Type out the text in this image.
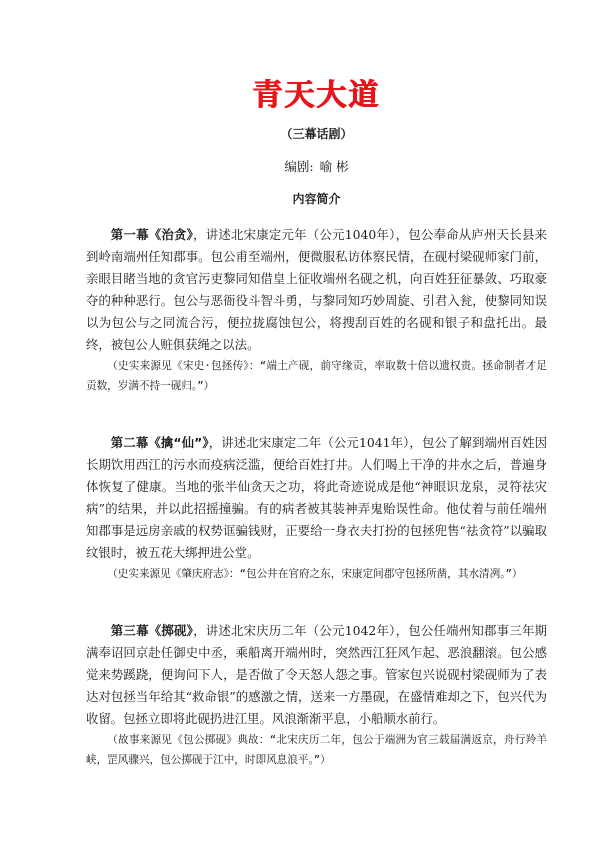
青天大道
（三幕话剧）
编剧: 喻 彬
内容简介

第一幕《治贪》，讲述北宋康定元年（公元1040年），包公奉命从庐州天长县来到岭南端州任知郡事。包公甫至端州，便微服私访体察民情，在砚村梁砚师家门前，亲眼目睹当地的贪官污吏黎同知借皇上征收端州名砚之机，向百姓狂征暴敛、巧取豪夺的种种恶行。包公与恶衙役斗智斗勇，与黎同知巧妙周旋、引君入瓮，使黎同知误以为包公与之同流合污，便拉拢腐蚀包公，将搜刮百姓的名砚和银子和盘托出。最终，被包公人赃俱获绳之以法。

（史实来源见《宋史·包拯传》：“端土产砚，前守缘贡，率取数十倍以遗权贵。拯命制者才足贡数，岁满不持一砚归。”）

第二幕《擒“仙”》，讲述北宋康定二年（公元1041年），包公了解到端州百姓因长期饮用西江的污水而疫病泛滥，便给百姓打井。人们喝上干净的井水之后，普遍身体恢复了健康。当地的张半仙贪天之功，将此奇迹说成是他“神眼识龙泉，灵符祛灾病”的结果，并以此招摇撞骗。有的病者被其装神弄鬼贻误性命。他仗着与前任端州知郡事是远房亲戚的权势诓骗钱财，正要给一身衣夫打扮的包拯兜售“祛贪符”以骗取纹银时，被五花大绑押进公堂。

（史实来源见《肇庆府志》：“包公井在官府之东，宋康定间郡守包拯所凿，其水清冽。”）

第三幕《掷砚》，讲述北宋庆历二年（公元1042年），包公任端州知郡事三年期满奉诏回京赴任御史中丞，乘船离开端州时，突然西江狂风乍起、恶浪翻滚。包公感觉来势蹊跷，便询问下人，是否做了令天怒人怨之事。管家包兴说砚村梁砚师为了表达对包拯当年给其“救命银”的感激之情，送来一方墨砚，在盛情难却之下，包兴代为收留。包拯立即将此砚扔进江里。风浪渐渐平息，小船顺水前行。

（故事来源见《包公掷砚》典故：“北宋庆历二年，包公于端洲为官三载届满返京，舟行羚羊峡，罡风骤兴，包公掷砚于江中，时即风息浪平。”）
